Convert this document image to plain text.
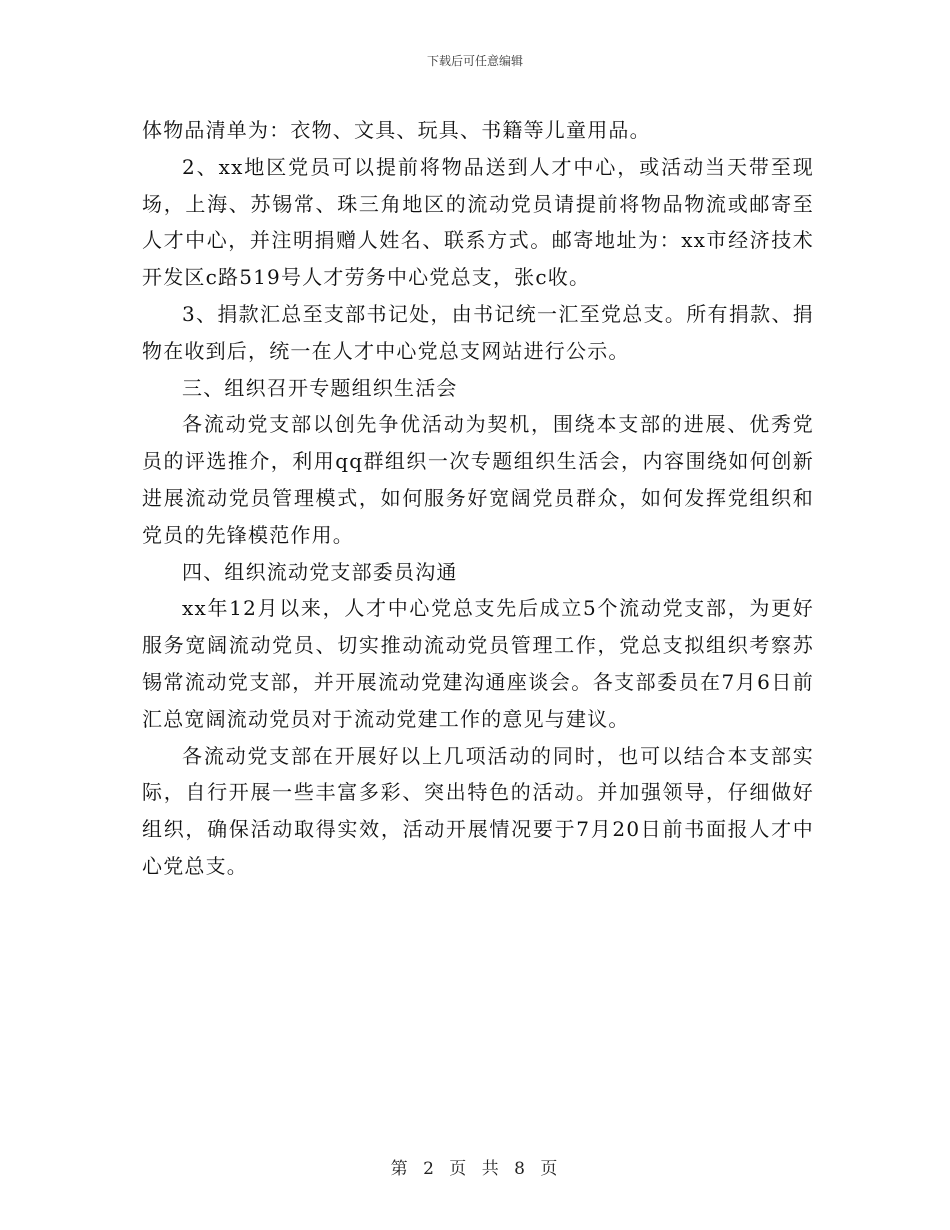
下载后可任意编辑

体物品清单为：衣物、文具、玩具、书籍等儿童用品。

2、xx地区党员可以提前将物品送到人才中心，或活动当天带至现场，上海、苏锡常、珠三角地区的流动党员请提前将物品物流或邮寄至人才中心，并注明捐赠人姓名、联系方式。邮寄地址为：xx市经济技术开发区c路519号人才劳务中心党总支，张c收。

3、捐款汇总至支部书记处，由书记统一汇至党总支。所有捐款、捐物在收到后，统一在人才中心党总支网站进行公示。

三、组织召开专题组织生活会

各流动党支部以创先争优活动为契机，围绕本支部的进展、优秀党员的评选推介，利用qq群组织一次专题组织生活会，内容围绕如何创新进展流动党员管理模式，如何服务好宽阔党员群众，如何发挥党组织和党员的先锋模范作用。

四、组织流动党支部委员沟通

xx年12月以来，人才中心党总支先后成立5个流动党支部，为更好服务宽阔流动党员、切实推动流动党员管理工作，党总支拟组织考察苏锡常流动党支部，并开展流动党建沟通座谈会。各支部委员在7月6日前汇总宽阔流动党员对于流动党建工作的意见与建议。

各流动党支部在开展好以上几项活动的同时，也可以结合本支部实际，自行开展一些丰富多彩、突出特色的活动。并加强领导，仔细做好组织，确保活动取得实效，活动开展情况要于7月20日前书面报人才中心党总支。

第 2 页 共 8 页
